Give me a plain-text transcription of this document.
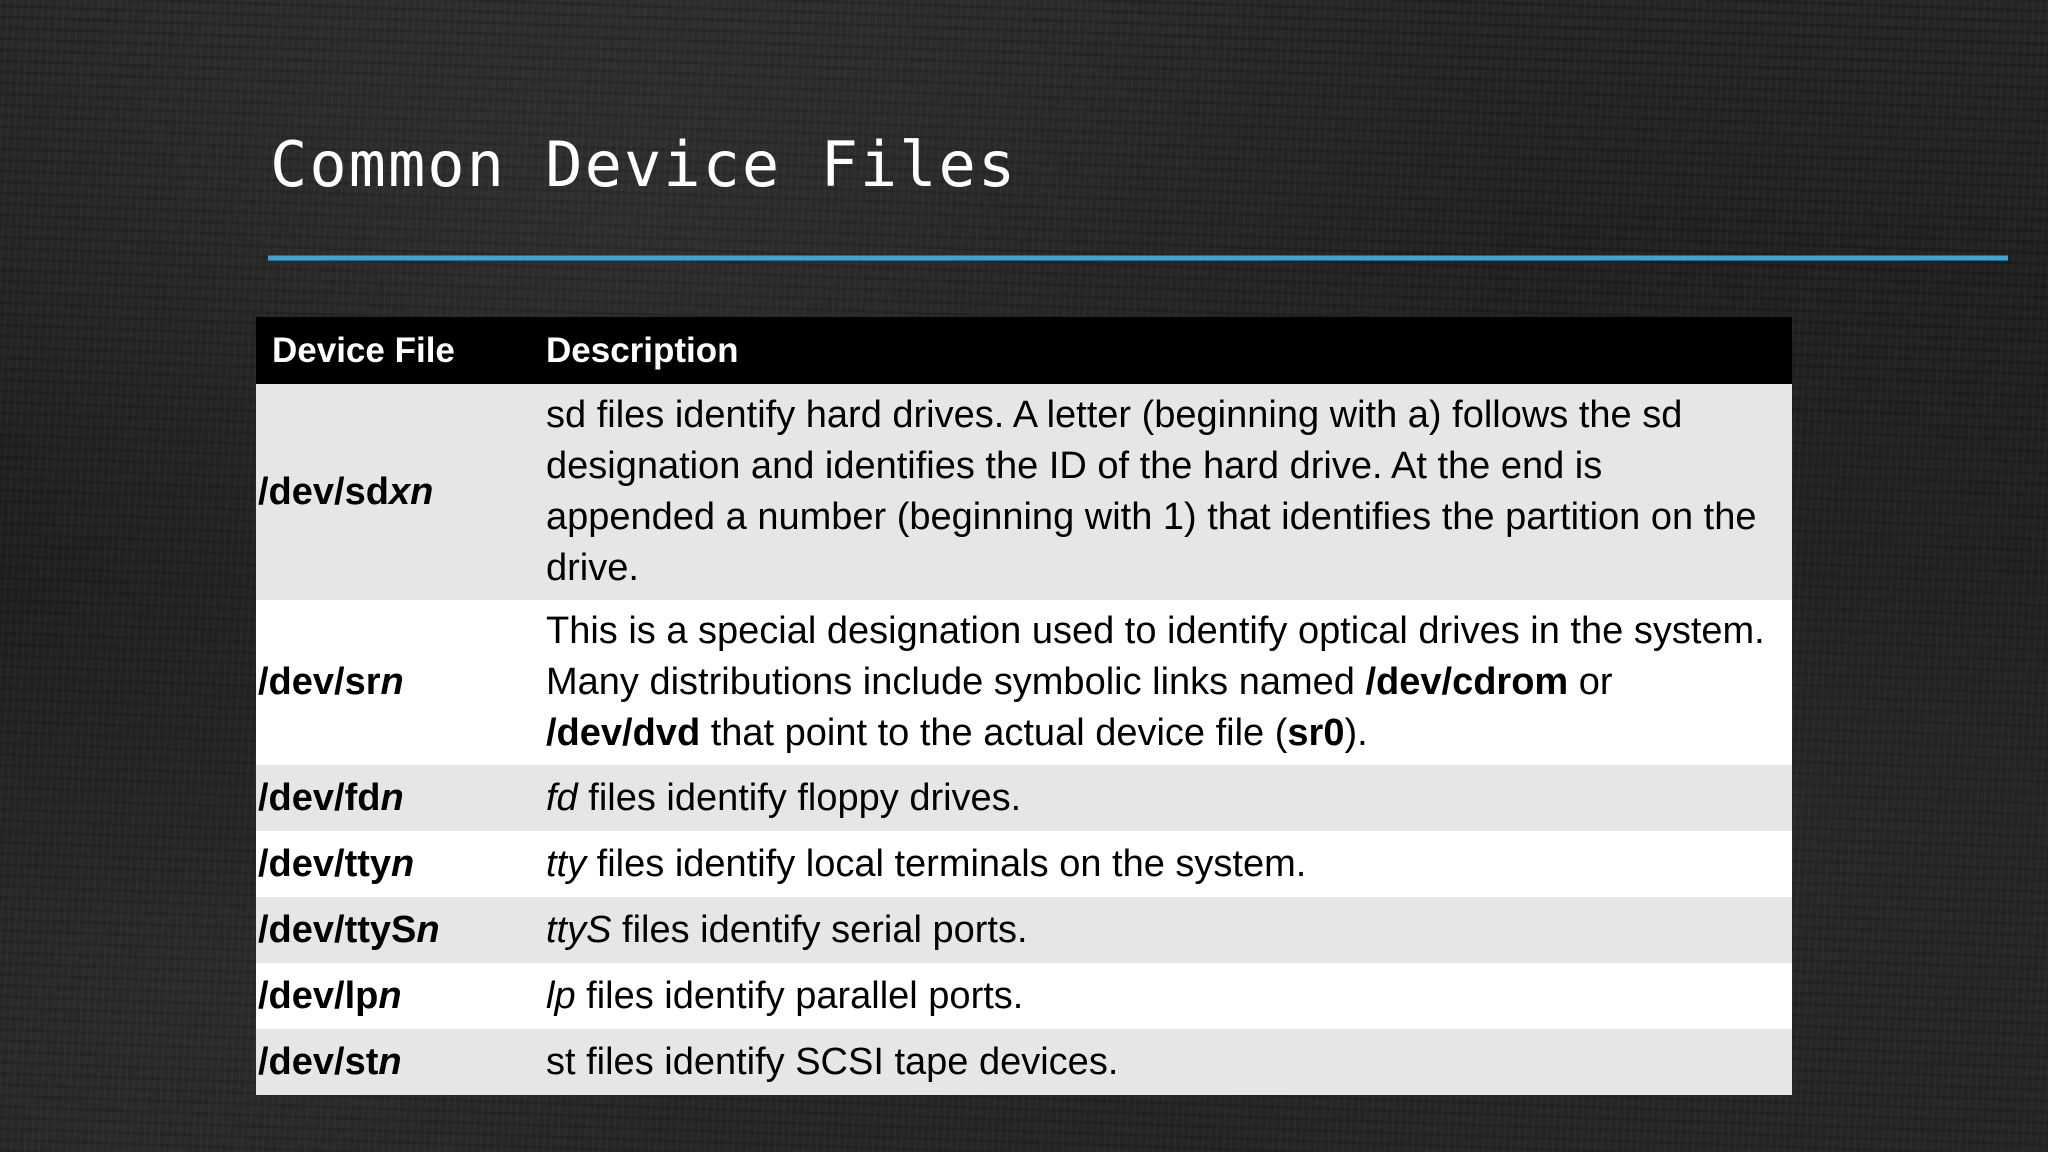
Common Device Files
Device File	Description
/dev/sdxn	sd files identify hard drives. A letter (beginning with a) follows the sd designation and identifies the ID of the hard drive. At the end is appended a number (beginning with 1) that identifies the partition on the drive.
/dev/srn	This is a special designation used to identify optical drives in the system. Many distributions include symbolic links named /dev/cdrom or /dev/dvd that point to the actual device file (sr0).
/dev/fdn	fd files identify floppy drives.
/dev/ttyn	tty files identify local terminals on the system.
/dev/ttySn	ttyS files identify serial ports.
/dev/lpn	lp files identify parallel ports.
/dev/stn	st files identify SCSI tape devices.
